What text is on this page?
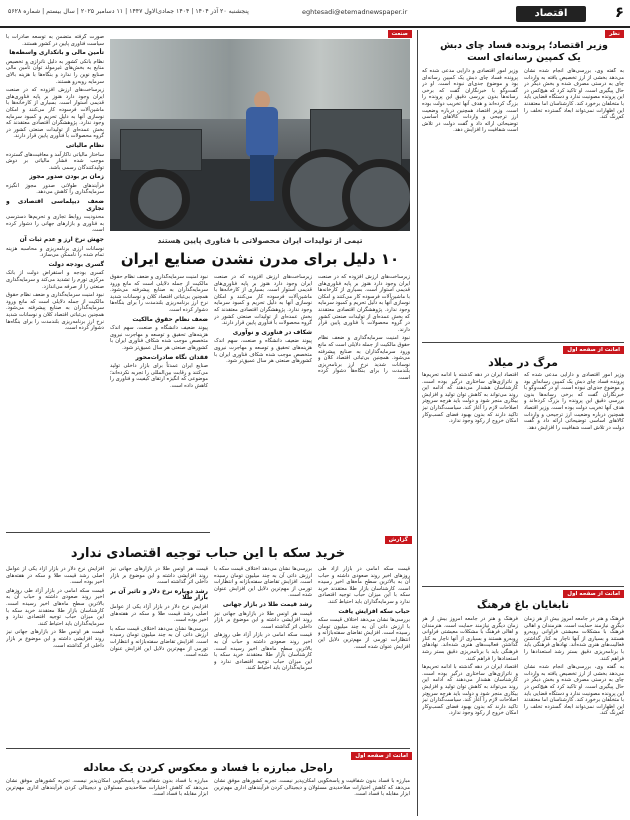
۶
اقتصاد
eghtesadi@etemadnewspaper.ir
پنجشنبه ۲۰ آذر ۱۴۰۴ | ۱۴۰۴ جمادی‌الاول ۱۴۴۷ | ۱۱ دسامبر ۲۰۲۵ | سال بیستم | شماره ۵۶۲۸
نظر
وزیر اقتصاد؛ پرونده فساد چای دبش
یک کمپین رسانه‌ای است

وزیر امور اقتصادی و دارایی مدعی شده که پرونده فساد چای دبش یک کمپین رسانه‌ای بود و موضوع جدی‌ای نبوده است. او در گفت‌وگو با خبرنگاران گفت که برخی رسانه‌ها بدون بررسی دقیق این پرونده را بزرگ کرده‌اند و هدف آنها تخریب دولت بوده است. وزیر اقتصاد همچنین درباره وضعیت ارز ترجیحی و واردات کالاهای اساسی توضیحاتی ارائه داد و گفت دولت در تلاش است شفافیت را افزایش دهد.

به گفته وی، بررسی‌های انجام شده نشان می‌دهد بخشی از ارز تخصیص یافته به واردات چای به درستی مصرف شده و بخش دیگر در حال پیگیری است. او تاکید کرد که هیچ‌کس در این پرونده مصونیت ندارد و دستگاه قضایی باید با متخلفان برخورد کند. کارشناسان اما معتقدند این اظهارات نمی‌تواند ابعاد گسترده تخلف را کم‌رنگ کند.

امانت از صفحه اول
مرگ در میلاد

اقتصاد ایران در دهه گذشته با ادامه تحریم‌ها و ناترازی‌های ساختاری درگیر بوده است. کارشناسان هشدار می‌دهند که ادامه این روند می‌تواند به کاهش توان تولید و افزایش بیکاری منجر شود و دولت باید هرچه سریع‌تر اصلاحات لازم را آغاز کند. سیاست‌گذاران نیز تاکید دارند که بدون بهبود فضای کسب‌وکار امکان خروج از رکود وجود ندارد.

وزیر امور اقتصادی و دارایی مدعی شده که پرونده فساد چای دبش یک کمپین رسانه‌ای بود و موضوع جدی‌ای نبوده است. او در گفت‌وگو با خبرنگاران گفت که برخی رسانه‌ها بدون بررسی دقیق این پرونده را بزرگ کرده‌اند و هدف آنها تخریب دولت بوده است. وزیر اقتصاد همچنین درباره وضعیت ارز ترجیحی و واردات کالاهای اساسی توضیحاتی ارائه داد و گفت دولت در تلاش است شفافیت را افزایش دهد.

امانت از صفحه اول
نابغایان باغ فرهنگ

فرهنگ و هنر در جامعه امروز بیش از هر زمان دیگری نیازمند حمایت است. هنرمندان و اهالی فرهنگ با مشکلات معیشتی فراوانی روبه‌رو هستند و بسیاری از آنها ناچار به کنار گذاشتن فعالیت‌های هنری شده‌اند. نهادهای فرهنگی باید با برنامه‌ریزی دقیق بستر رشد استعدادها را فراهم کنند.

اقتصاد ایران در دهه گذشته با ادامه تحریم‌ها و ناترازی‌های ساختاری درگیر بوده است. کارشناسان هشدار می‌دهند که ادامه این روند می‌تواند به کاهش توان تولید و افزایش بیکاری منجر شود و دولت باید هرچه سریع‌تر اصلاحات لازم را آغاز کند. سیاست‌گذاران نیز تاکید دارند که بدون بهبود فضای کسب‌وکار امکان خروج از رکود وجود ندارد.

فرهنگ و هنر در جامعه امروز بیش از هر زمان دیگری نیازمند حمایت است. هنرمندان و اهالی فرهنگ با مشکلات معیشتی فراوانی روبه‌رو هستند و بسیاری از آنها ناچار به کنار گذاشتن فعالیت‌های هنری شده‌اند. نهادهای فرهنگی باید با برنامه‌ریزی دقیق بستر رشد استعدادها را فراهم کنند.

به گفته وی، بررسی‌های انجام شده نشان می‌دهد بخشی از ارز تخصیص یافته به واردات چای به درستی مصرف شده و بخش دیگر در حال پیگیری است. او تاکید کرد که هیچ‌کس در این پرونده مصونیت ندارد و دستگاه قضایی باید با متخلفان برخورد کند. کارشناسان اما معتقدند این اظهارات نمی‌تواند ابعاد گسترده تخلف را کم‌رنگ کند.

صنعت
تیمی از تولیدات ایران محصولاتی با فناوری پایین هستند
۱۰ دلیل برای مدرن نشدن صنایع ایران

زیرساخت‌های ارزش افزوده که در صنعت ایران وجود دارد هنوز بر پایه فناوری‌های قدیمی استوار است. بسیاری از کارخانه‌ها با ماشین‌آلات فرسوده کار می‌کنند و امکان نوسازی آنها به دلیل تحریم و کمبود سرمایه وجود ندارد. پژوهشگران اقتصادی معتقدند که بخش عمده‌ای از تولیدات صنعتی کشور در گروه محصولات با فناوری پایین قرار دارند.

نبود امنیت سرمایه‌گذاری و ضعف نظام حقوق مالکیت از جمله دلایلی است که مانع ورود سرمایه‌گذاران به صنایع پیشرفته می‌شود. همچنین بی‌ثباتی اقتصاد کلان و نوسانات شدید نرخ ارز برنامه‌ریزی بلندمدت را برای بنگاه‌ها دشوار کرده است.

زیرساخت‌های ارزش افزوده که در صنعت ایران وجود دارد هنوز بر پایه فناوری‌های قدیمی استوار است. بسیاری از کارخانه‌ها با ماشین‌آلات فرسوده کار می‌کنند و امکان نوسازی آنها به دلیل تحریم و کمبود سرمایه وجود ندارد. پژوهشگران اقتصادی معتقدند که بخش عمده‌ای از تولیدات صنعتی کشور در گروه محصولات با فناوری پایین قرار دارند.

شکاف در فناوری و نوآوری

پیوند ضعیف دانشگاه و صنعت، سهم اندک هزینه‌های تحقیق و توسعه و مهاجرت نیروی متخصص موجب شده شکاف فناوری ایران با کشورهای صنعتی هر سال عمیق‌تر شود.

نبود امنیت سرمایه‌گذاری و ضعف نظام حقوق مالکیت از جمله دلایلی است که مانع ورود سرمایه‌گذاران به صنایع پیشرفته می‌شود. همچنین بی‌ثباتی اقتصاد کلان و نوسانات شدید نرخ ارز برنامه‌ریزی بلندمدت را برای بنگاه‌ها دشوار کرده است.

ضعف نظام حقوق مالکیت

پیوند ضعیف دانشگاه و صنعت، سهم اندک هزینه‌های تحقیق و توسعه و مهاجرت نیروی متخصص موجب شده شکاف فناوری ایران با کشورهای صنعتی هر سال عمیق‌تر شود.

فقدان نگاه صادرات‌محور

صنایع ایران عمدتاً برای بازار داخلی تولید می‌کنند و رقابت بین‌المللی را تجربه نکرده‌اند؛ موضوعی که انگیزه ارتقای کیفیت و فناوری را کاهش داده است.

صورت گرفته متضمن به توسعه صادرات با سیاست فناوری پایین در کشور هستند.

تأمین مالی و بانکداری واسطه‌ها

نظام بانکی کشور به دلیل ناترازی و تخصیص منابع به بخش‌های غیرمولد توان تأمین مالی صنایع نوین را ندارد و بنگاه‌ها با هزینه بالای سرمایه روبه‌رو هستند.

زیرساخت‌های ارزش افزوده که در صنعت ایران وجود دارد هنوز بر پایه فناوری‌های قدیمی استوار است. بسیاری از کارخانه‌ها با ماشین‌آلات فرسوده کار می‌کنند و امکان نوسازی آنها به دلیل تحریم و کمبود سرمایه وجود ندارد. پژوهشگران اقتصادی معتقدند که بخش عمده‌ای از تولیدات صنعتی کشور در گروه محصولات با فناوری پایین قرار دارند.

نظام مالیاتی

ساختار مالیاتی ناکارآمد و معافیت‌های گسترده موجب شده فشار مالیاتی بر دوش تولیدکنندگان رسمی باشد.

زمان بر بودن صدور مجوز

فرآیندهای طولانی صدور مجوز انگیزه سرمایه‌گذاری را کاهش می‌دهد.

ضعف دیپلماسی اقتصادی و تجاری

محدودیت روابط تجاری و تحریم‌ها دسترسی به فناوری و بازارهای جهانی را دشوار کرده است.

جهش نرخ ارز و عدم ثبات آن

نوسانات ارزی برنامه‌ریزی و محاسبه هزینه تمام شده را ناممکن می‌سازد.

گسری بودجه دولت

کسری بودجه و استقراض دولت از بانک مرکزی تورم را تشدید می‌کند و سرمایه‌گذاری صنعتی را از صرفه می‌اندازد.

نبود امنیت سرمایه‌گذاری و ضعف نظام حقوق مالکیت از جمله دلایلی است که مانع ورود سرمایه‌گذاران به صنایع پیشرفته می‌شود. همچنین بی‌ثباتی اقتصاد کلان و نوسانات شدید نرخ ارز برنامه‌ریزی بلندمدت را برای بنگاه‌ها دشوار کرده است.

گزارش
خرید سکه با این حباب توجیه اقتصادی ندارد

قیمت سکه امامی در بازار آزاد طی روزهای اخیر روند صعودی داشته و حباب آن به بالاترین سطح ماه‌های اخیر رسیده است. کارشناسان بازار طلا معتقدند خرید سکه با این میزان حباب توجیه اقتصادی ندارد و سرمایه‌گذاران باید احتیاط کنند.

حباب سکه افزایش یافت

بررسی‌ها نشان می‌دهد اختلاف قیمت سکه با ارزش ذاتی آن به چند میلیون تومان رسیده است. افزایش تقاضای سفته‌بازانه و انتظارات تورمی از مهم‌ترین دلایل این افزایش عنوان شده است.

بررسی‌ها نشان می‌دهد اختلاف قیمت سکه با ارزش ذاتی آن به چند میلیون تومان رسیده است. افزایش تقاضای سفته‌بازانه و انتظارات تورمی از مهم‌ترین دلایل این افزایش عنوان شده است.

رشد قیمت طلا در بازار جهانی

قیمت هر اونس طلا در بازارهای جهانی نیز روند افزایشی داشته و این موضوع بر بازار داخلی اثر گذاشته است.

قیمت سکه امامی در بازار آزاد طی روزهای اخیر روند صعودی داشته و حباب آن به بالاترین سطح ماه‌های اخیر رسیده است. کارشناسان بازار طلا معتقدند خرید سکه با این میزان حباب توجیه اقتصادی ندارد و سرمایه‌گذاران باید احتیاط کنند.

قیمت هر اونس طلا در بازارهای جهانی نیز روند افزایشی داشته و این موضوع بر بازار داخلی اثر گذاشته است.

رشد دوباره نرخ دلار و تاثیر آن بر بازار طلا

افزایش نرخ دلار در بازار آزاد یکی از عوامل اصلی رشد قیمت طلا و سکه در هفته‌های اخیر بوده است.

بررسی‌ها نشان می‌دهد اختلاف قیمت سکه با ارزش ذاتی آن به چند میلیون تومان رسیده است. افزایش تقاضای سفته‌بازانه و انتظارات تورمی از مهم‌ترین دلایل این افزایش عنوان شده است.

افزایش نرخ دلار در بازار آزاد یکی از عوامل اصلی رشد قیمت طلا و سکه در هفته‌های اخیر بوده است.

قیمت سکه امامی در بازار آزاد طی روزهای اخیر روند صعودی داشته و حباب آن به بالاترین سطح ماه‌های اخیر رسیده است. کارشناسان بازار طلا معتقدند خرید سکه با این میزان حباب توجیه اقتصادی ندارد و سرمایه‌گذاران باید احتیاط کنند.

قیمت هر اونس طلا در بازارهای جهانی نیز روند افزایشی داشته و این موضوع بر بازار داخلی اثر گذاشته است.

امانت از صفحه اول
راه‌حل مبارزه با فساد و معکوس کردن یک معادله

مبارزه با فساد بدون شفافیت و پاسخگویی امکان‌پذیر نیست. تجربه کشورهای موفق نشان می‌دهد که کاهش اختیارات صلاحدیدی مسئولان و دیجیتالی کردن فرآیندهای اداری مهم‌ترین ابزار مقابله با فساد است.

مبارزه با فساد بدون شفافیت و پاسخگویی امکان‌پذیر نیست. تجربه کشورهای موفق نشان می‌دهد که کاهش اختیارات صلاحدیدی مسئولان و دیجیتالی کردن فرآیندهای اداری مهم‌ترین ابزار مقابله با فساد است.
